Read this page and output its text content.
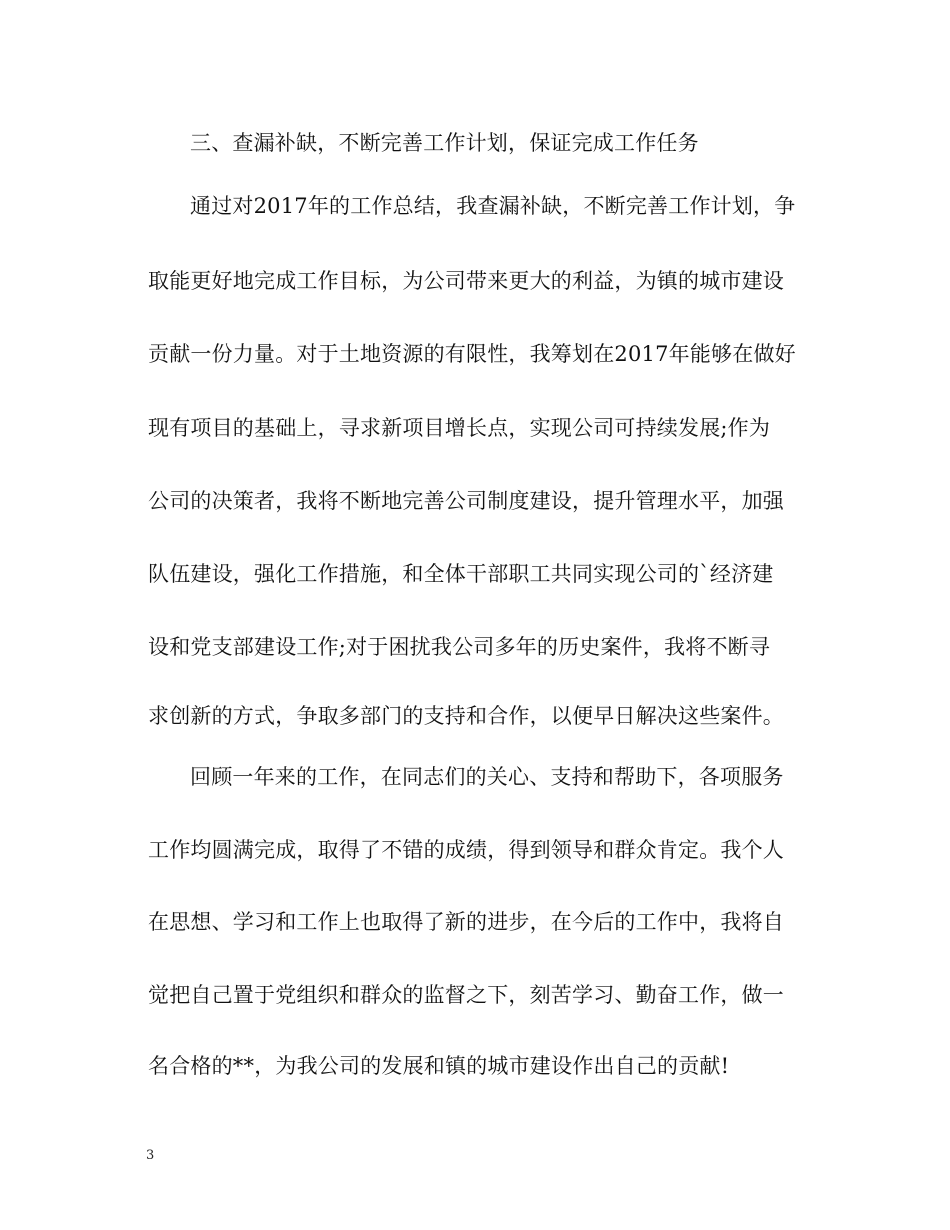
三、查漏补缺，不断完善工作计划，保证完成工作任务
通过对2017年的工作总结，我查漏补缺，不断完善工作计划，争
取能更好地完成工作目标，为公司带来更大的利益，为镇的城市建设
贡献一份力量。对于土地资源的有限性，我筹划在2017年能够在做好
现有项目的基础上，寻求新项目增长点，实现公司可持续发展;作为
公司的决策者，我将不断地完善公司制度建设，提升管理水平，加强
队伍建设，强化工作措施，和全体干部职工共同实现公司的`经济建
设和党支部建设工作;对于困扰我公司多年的历史案件，我将不断寻
求创新的方式，争取多部门的支持和合作，以便早日解决这些案件。
回顾一年来的工作，在同志们的关心、支持和帮助下，各项服务
工作均圆满完成，取得了不错的成绩，得到领导和群众肯定。我个人
在思想、学习和工作上也取得了新的进步，在今后的工作中，我将自
觉把自己置于党组织和群众的监督之下，刻苦学习、勤奋工作，做一
名合格的**，为我公司的发展和镇的城市建设作出自己的贡献!
3
